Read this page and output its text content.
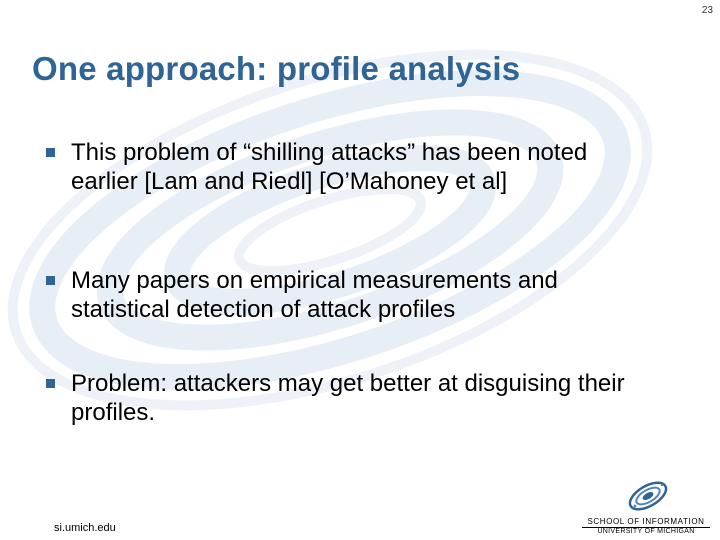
23
One approach: profile analysis
This problem of “shilling attacks” has been noted earlier [Lam and Riedl] [O’Mahoney et al]
Many papers on empirical measurements and statistical detection of attack profiles
Problem: attackers may get better at disguising their profiles.
si.umich.edu
SCHOOL OF INFORMATION
UNIVERSITY OF MICHIGAN
